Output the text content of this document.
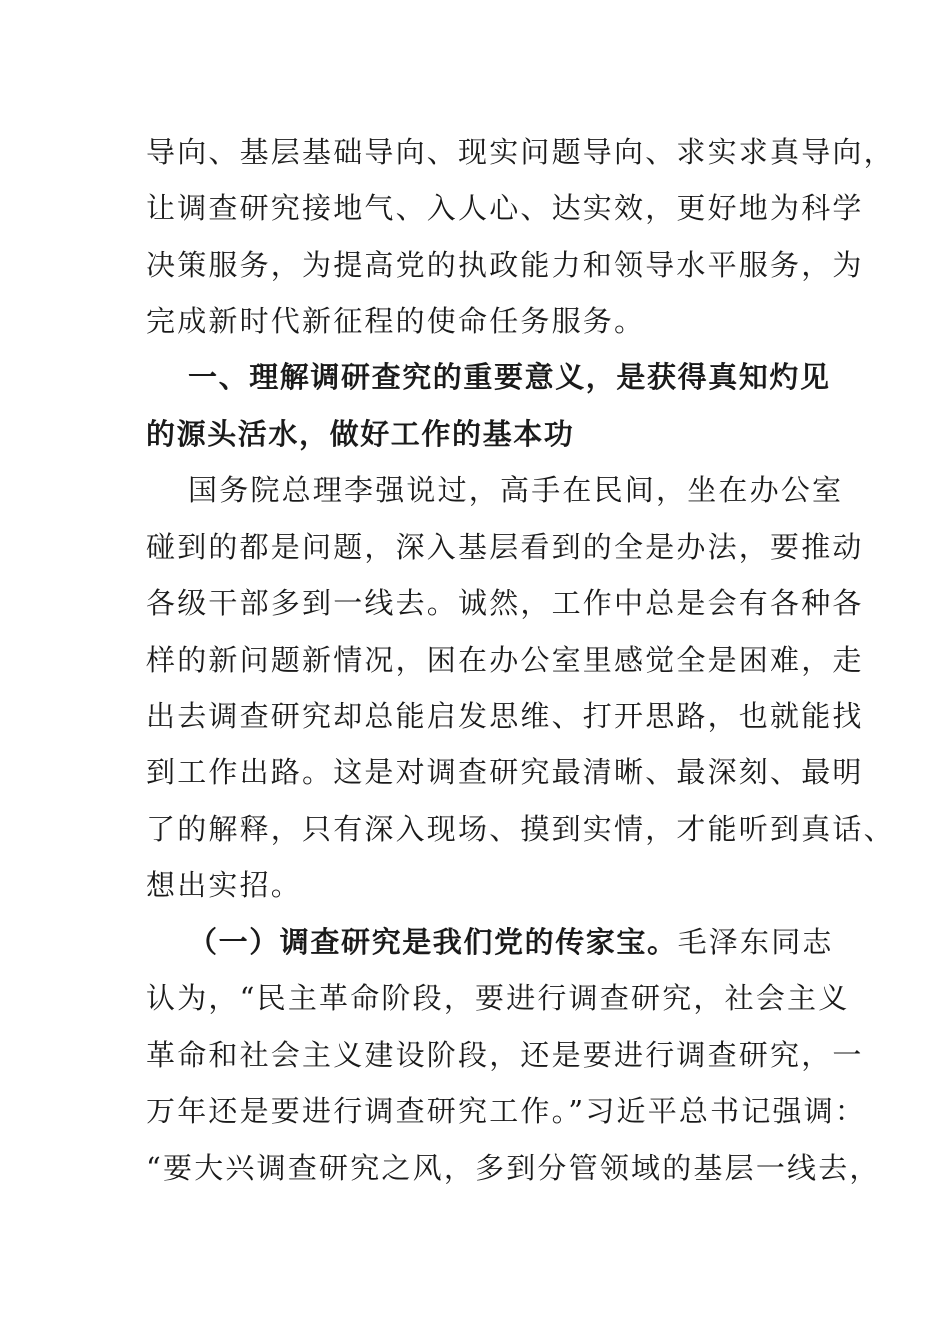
导向、基层基础导向、现实问题导向、求实求真导向，
让调查研究接地气、入人心、达实效，更好地为科学
决策服务，为提高党的执政能力和领导水平服务，为
完成新时代新征程的使命任务服务。
一、理解调研查究的重要意义，是获得真知灼见
的源头活水，做好工作的基本功
国务院总理李强说过，高手在民间，坐在办公室
碰到的都是问题，深入基层看到的全是办法，要推动
各级干部多到一线去。诚然，工作中总是会有各种各
样的新问题新情况，困在办公室里感觉全是困难，走
出去调查研究却总能启发思维、打开思路，也就能找
到工作出路。这是对调查研究最清晰、最深刻、最明
了的解释，只有深入现场、摸到实情，才能听到真话、
想出实招。
（一）调查研究是我们党的传家宝。毛泽东同志
认为，“民主革命阶段，要进行调查研究，社会主义
革命和社会主义建设阶段，还是要进行调查研究，一
万年还是要进行调查研究工作。”习近平总书记强调：
“要大兴调查研究之风，多到分管领域的基层一线去，
